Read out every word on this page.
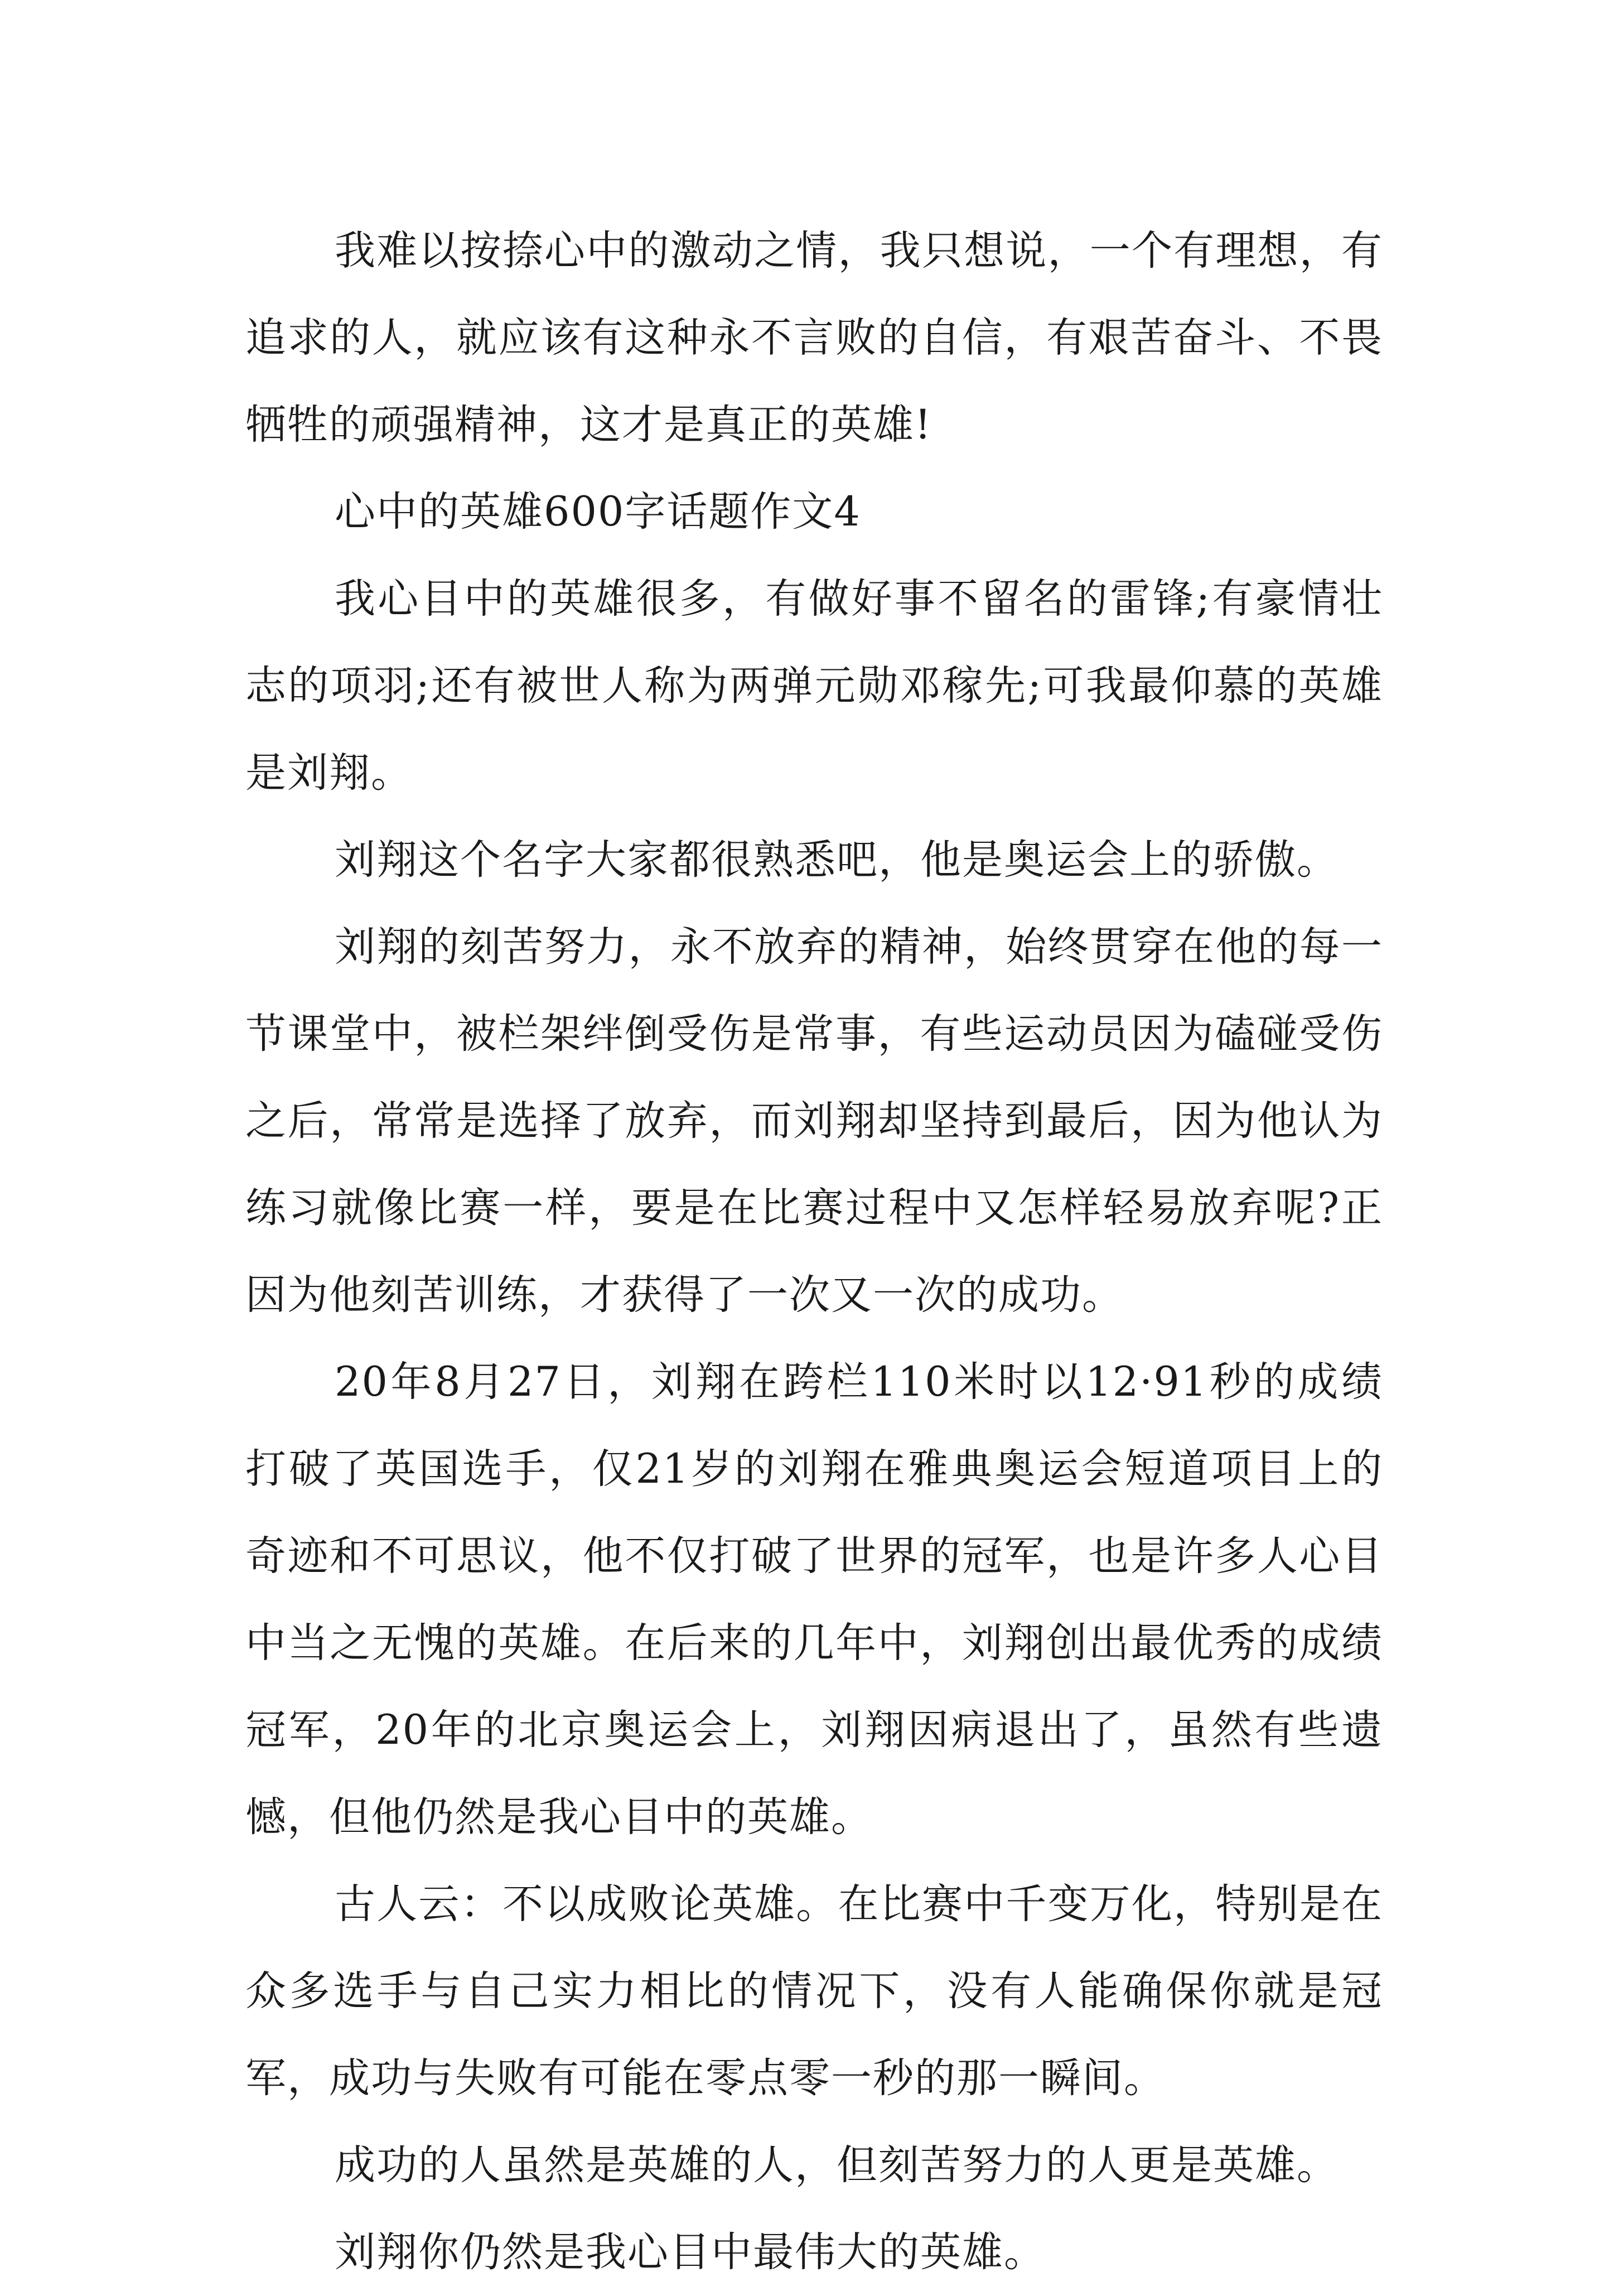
我难以按捺心中的激动之情，我只想说，一个有理想，有追求的人，就应该有这种永不言败的自信，有艰苦奋斗、不畏牺牲的顽强精神，这才是真正的英雄!

心中的英雄600字话题作文4

我心目中的英雄很多，有做好事不留名的雷锋;有豪情壮志的项羽;还有被世人称为两弹元勋邓稼先;可我最仰慕的英雄是刘翔。

刘翔这个名字大家都很熟悉吧，他是奥运会上的骄傲。

刘翔的刻苦努力，永不放弃的精神，始终贯穿在他的每一节课堂中，被栏架绊倒受伤是常事，有些运动员因为磕碰受伤之后，常常是选择了放弃，而刘翔却坚持到最后，因为他认为练习就像比赛一样，要是在比赛过程中又怎样轻易放弃呢?正因为他刻苦训练，才获得了一次又一次的成功。

20年8月27日，刘翔在跨栏110米时以12·91秒的成绩打破了英国选手，仅21岁的刘翔在雅典奥运会短道项目上的奇迹和不可思议，他不仅打破了世界的冠军，也是许多人心目中当之无愧的英雄。在后来的几年中，刘翔创出最优秀的成绩冠军，20年的北京奥运会上，刘翔因病退出了，虽然有些遗憾，但他仍然是我心目中的英雄。

古人云：不以成败论英雄。在比赛中千变万化，特别是在众多选手与自己实力相比的情况下，没有人能确保你就是冠军，成功与失败有可能在零点零一秒的那一瞬间。

成功的人虽然是英雄的人，但刻苦努力的人更是英雄。

刘翔你仍然是我心目中最伟大的英雄。
